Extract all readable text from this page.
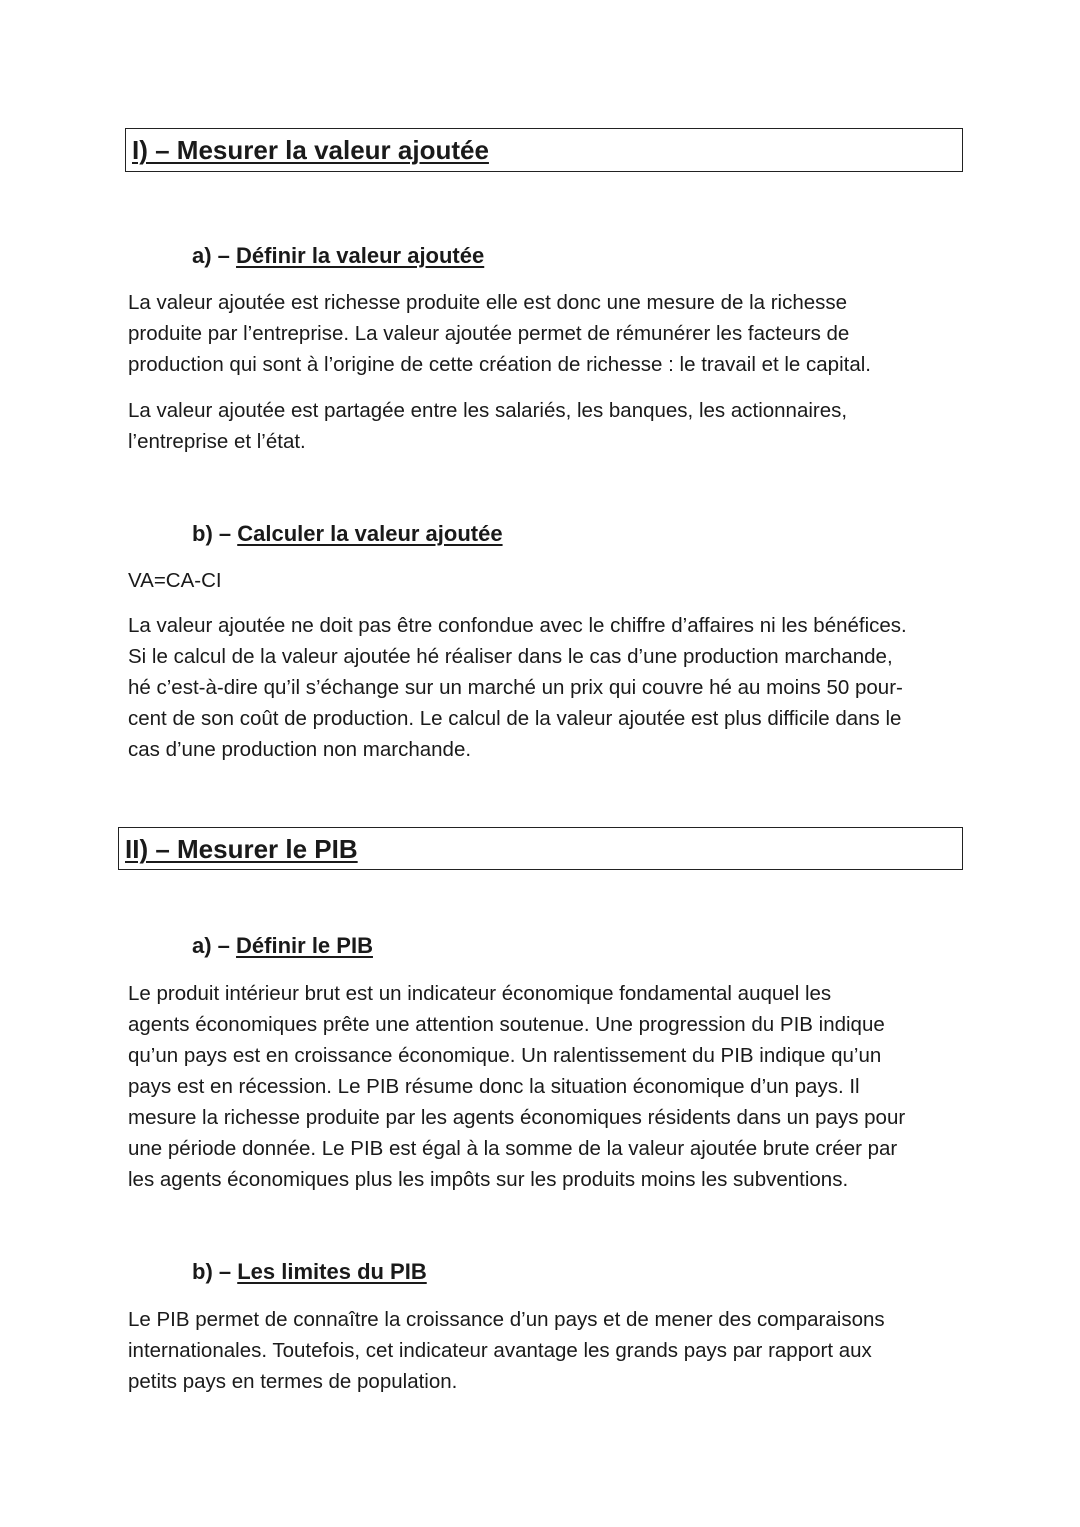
I) – Mesurer la valeur ajoutée
a) – Définir la valeur ajoutée

La valeur ajoutée est richesse produite elle est donc une mesure de la richesse
produite par l’entreprise. La valeur ajoutée permet de rémunérer les facteurs de
production qui sont à l’origine de cette création de richesse : le travail et le capital.

La valeur ajoutée est partagée entre les salariés, les banques, les actionnaires,
l’entreprise et l’état.

b) – Calculer la valeur ajoutée
VA=CA-CI

La valeur ajoutée ne doit pas être confondue avec le chiffre d’affaires ni les bénéfices.
Si le calcul de la valeur ajoutée hé réaliser dans le cas d’une production marchande,
hé c’est-à-dire qu’il s’échange sur un marché un prix qui couvre hé au moins 50 pour-
cent de son coût de production. Le calcul de la valeur ajoutée est plus difficile dans le
cas d’une production non marchande.

II) – Mesurer le PIB
a) – Définir le PIB

Le produit intérieur brut est un indicateur économique fondamental auquel les
agents économiques prête une attention soutenue. Une progression du PIB indique
qu’un pays est en croissance économique. Un ralentissement du PIB indique qu’un
pays est en récession. Le PIB résume donc la situation économique d’un pays. Il
mesure la richesse produite par les agents économiques résidents dans un pays pour
une période donnée. Le PIB est égal à la somme de la valeur ajoutée brute créer par
les agents économiques plus les impôts sur les produits moins les subventions.

b) – Les limites du PIB

Le PIB permet de connaître la croissance d’un pays et de mener des comparaisons
internationales. Toutefois, cet indicateur avantage les grands pays par rapport aux
petits pays en termes de population.
